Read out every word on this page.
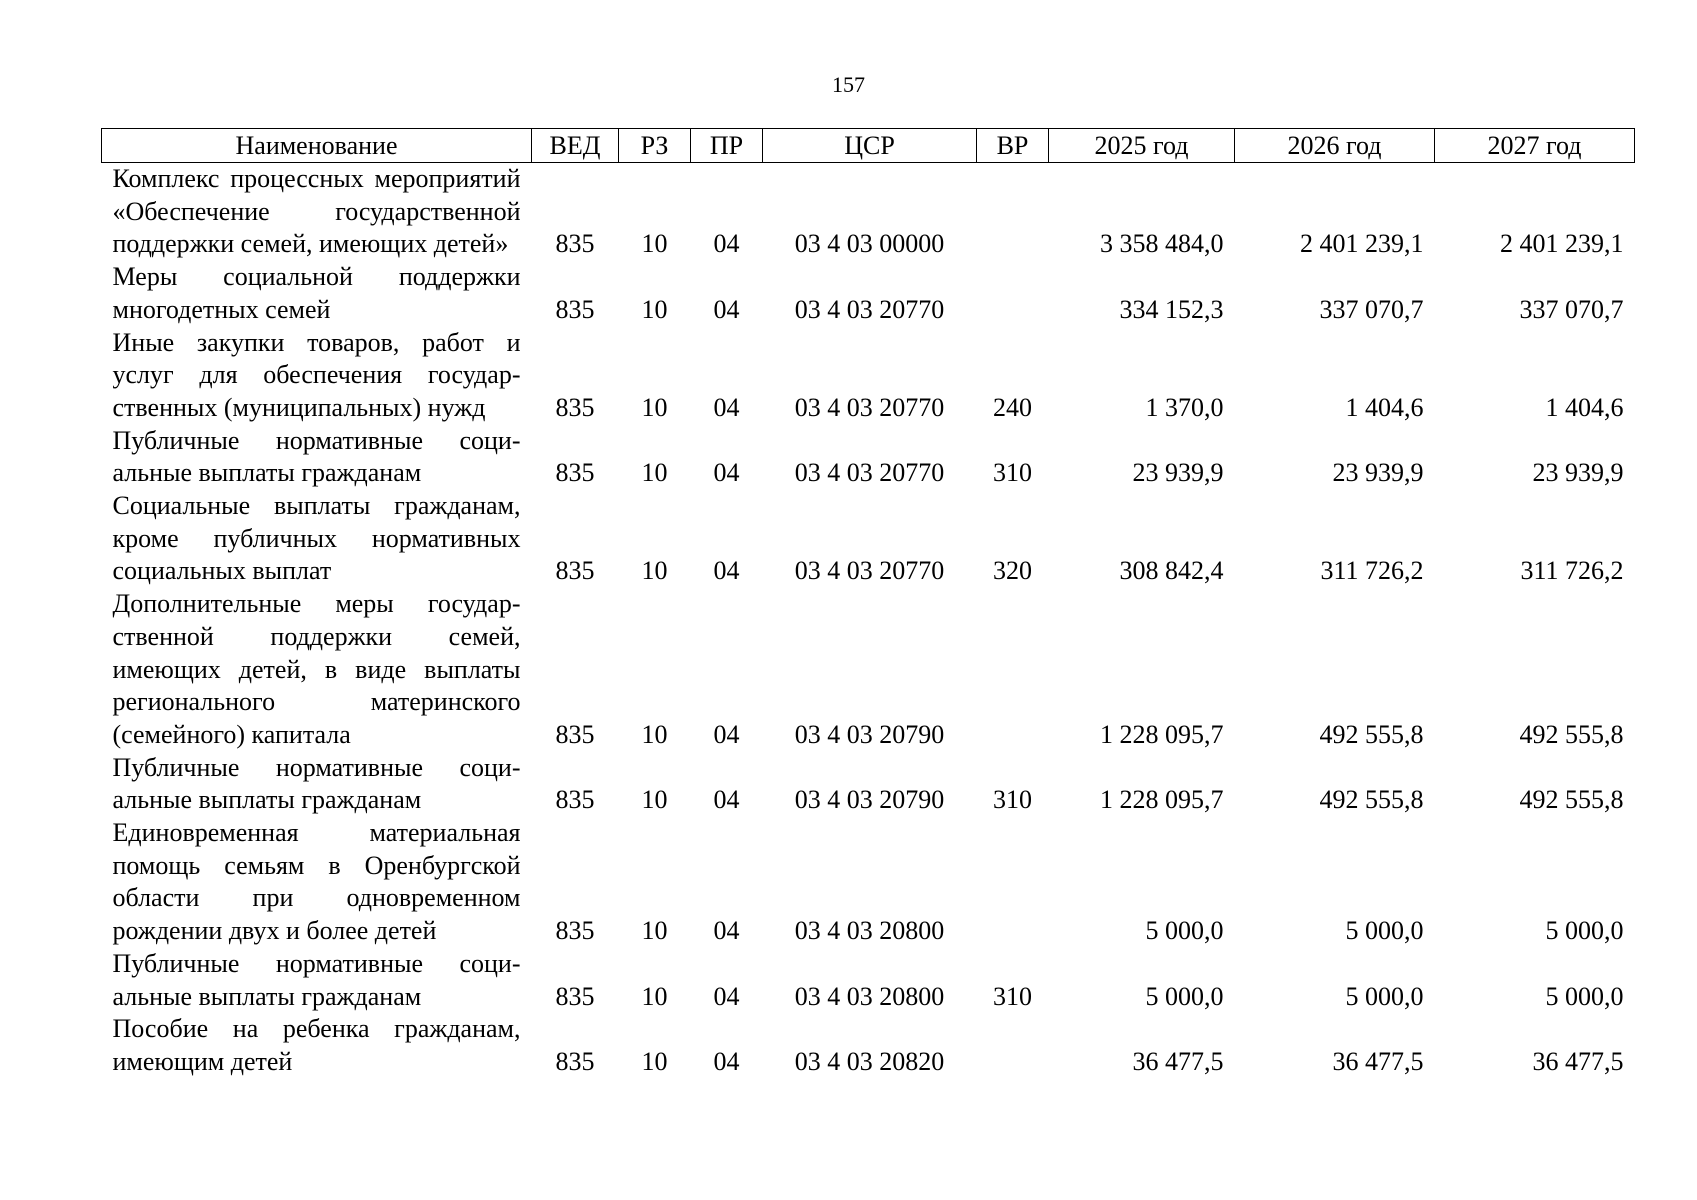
157
Наименование	ВЕД	РЗ	ПР	ЦСР	ВР	2025 год	2026 год	2027 год
Комплекс процессных мероприятий «Обеспечение государственной поддержки семей, имеющих детей»	835	10	04	03 4 03 00000		3 358 484,0	2 401 239,1	2 401 239,1
Меры социальной поддержки многодетных семей	835	10	04	03 4 03 20770		334 152,3	337 070,7	337 070,7
Иные закупки товаров, работ и услуг для обеспечения государственных (муниципальных) нужд	835	10	04	03 4 03 20770	240	1 370,0	1 404,6	1 404,6
Публичные нормативные социальные выплаты гражданам	835	10	04	03 4 03 20770	310	23 939,9	23 939,9	23 939,9
Социальные выплаты гражданам, кроме публичных нормативных социальных выплат	835	10	04	03 4 03 20770	320	308 842,4	311 726,2	311 726,2
Дополнительные меры государственной поддержки семей, имеющих детей, в виде выплаты регионального материнского (семейного) капитала	835	10	04	03 4 03 20790		1 228 095,7	492 555,8	492 555,8
Публичные нормативные социальные выплаты гражданам	835	10	04	03 4 03 20790	310	1 228 095,7	492 555,8	492 555,8
Единовременная материальная помощь семьям в Оренбургской области при одновременном рождении двух и более детей	835	10	04	03 4 03 20800		5 000,0	5 000,0	5 000,0
Публичные нормативные социальные выплаты гражданам	835	10	04	03 4 03 20800	310	5 000,0	5 000,0	5 000,0
Пособие на ребенка гражданам, имеющим детей	835	10	04	03 4 03 20820		36 477,5	36 477,5	36 477,5
